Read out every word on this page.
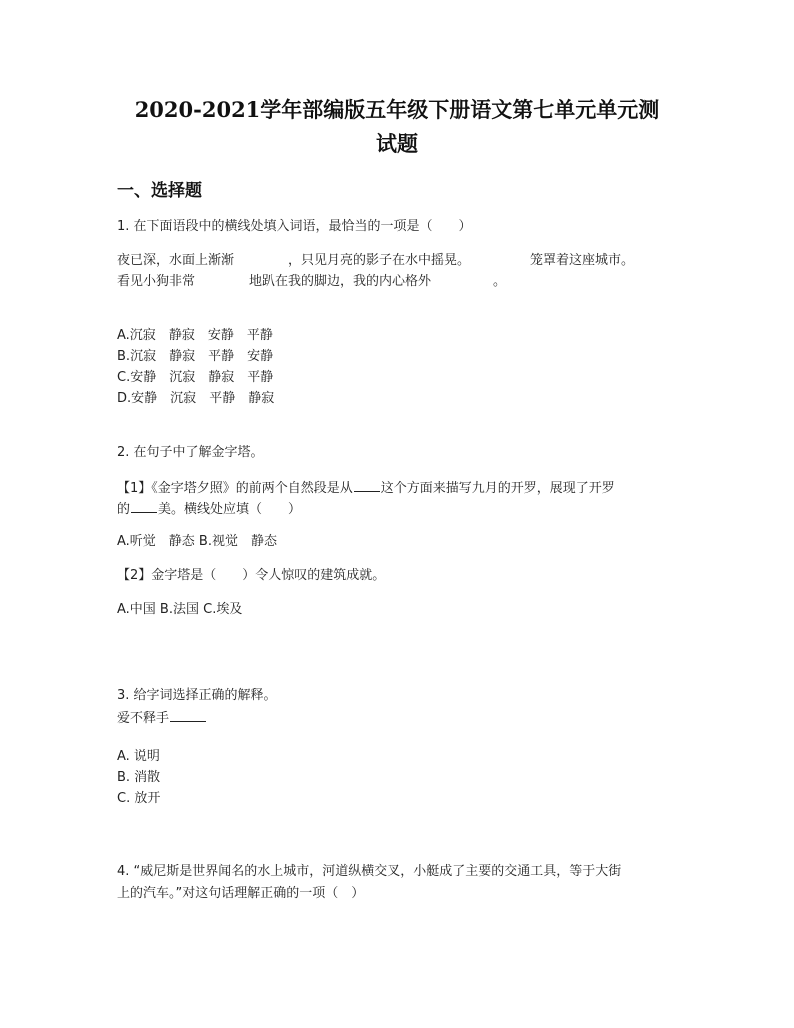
2020-2021学年部编版五年级下册语文第七单元单元测
试题
一、选择题
1. 在下面语段中的横线处填入词语，最恰当的一项是（　　）
夜已深，水面上渐渐	，只见月亮的影子在水中摇晃。	笼罩着这座城市。
看见小狗非常	地趴在我的脚边，我的内心格外	。
A.沉寂 静寂 安静 平静
B.沉寂 静寂 平静 安静
C.安静 沉寂 静寂 平静
D.安静 沉寂 平静 静寂
2. 在句子中了解金字塔。
【1】《金字塔夕照》的前两个自然段是从 这个方面来描写九月的开罗，展现了开罗
的 美。横线处应填（　　）
A.听觉　静态 B.视觉　静态
【2】金字塔是（　　）令人惊叹的建筑成就。
A.中国 B.法国 C.埃及
3. 给字词选择正确的解释。
爱不释手
A. 说明
B. 消散
C. 放开
4. “威尼斯是世界闻名的水上城市，河道纵横交叉，小艇成了主要的交通工具，等于大街
上的汽车。”对这句话理解正确的一项（　）
